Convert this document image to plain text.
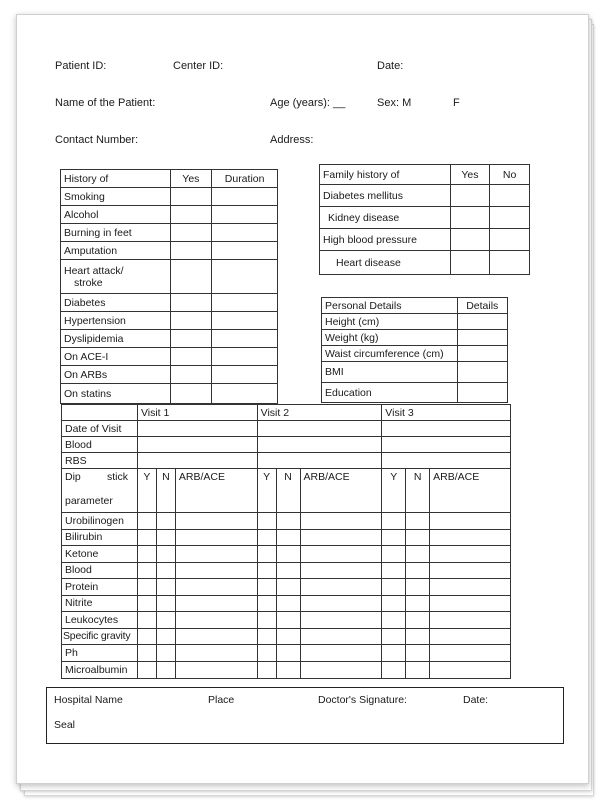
Patient ID:	Center ID:	Date:
Name of the Patient:	Age (years): __	Sex: M	F
Contact Number:	Address:
History of	Yes	Duration
Smoking		
Alcohol		
Burning in feet		
Amputation		

Heart attack/
stroke		

Diabetes		
Hypertension		
Dyslipidemia		
On ACE-I		
On ARBs		
On statins		
Family history of	Yes	No
Diabetes mellitus		
Kidney disease		
High blood pressure		
Heart disease		
Personal Details	Details
Height (cm)	
Weight (kg)	
Waist circumference (cm)	
BMI	
Education	
	Visit 1			Visit 2			Visit 3		
Date of Visit									
Blood									
RBS									

Dip stick
parameter	Y	N	ARB/ACE	Y	N	ARB/ACE	Y	N	ARB/ACE
Urobilinogen									
Bilirubin									
Ketone									
Blood									
Protein									
Nitrite									
Leukocytes									
Specific gravity									
Ph									
Microalbumin									
Hospital Name	Place	Doctor's Signature:	Date:
Seal
